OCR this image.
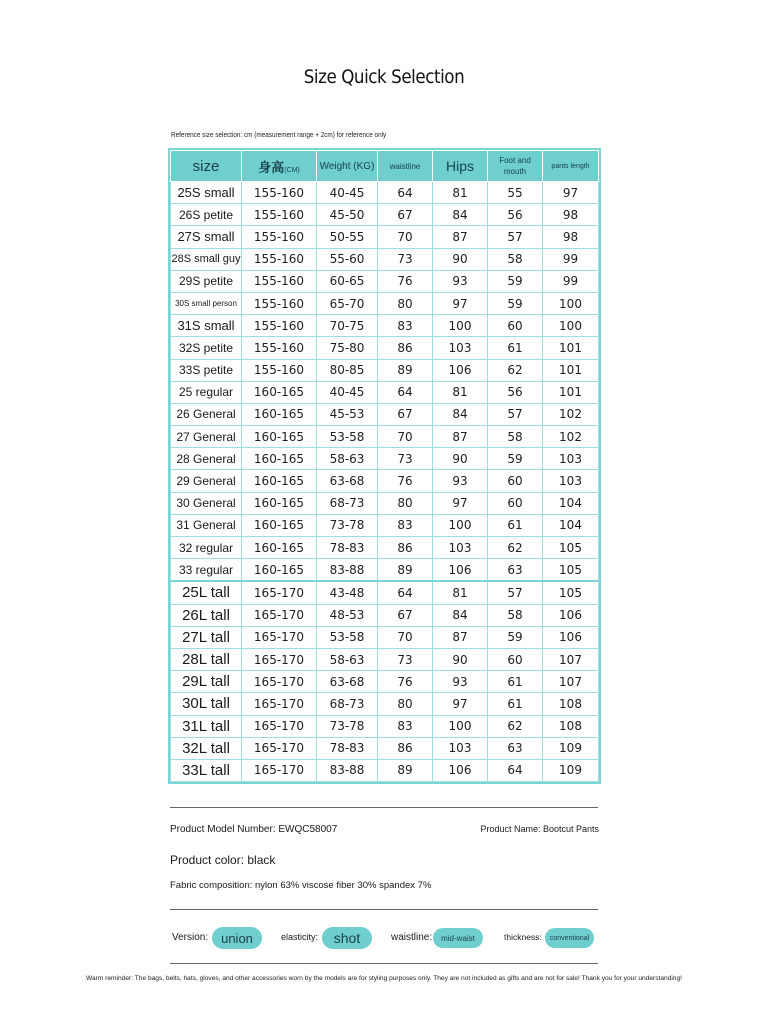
Size Quick Selection
Reference size selection: cm (measurement range + 2cm) for reference only
size	身高(CM)	Weight (KG)	waistline	Hips	Foot and mouth	pants length
25S small	155-160	40-45	64	81	55	97
26S petite	155-160	45-50	67	84	56	98
27S small	155-160	50-55	70	87	57	98
28S small guy	155-160	55-60	73	90	58	99
29S petite	155-160	60-65	76	93	59	99
30S small person	155-160	65-70	80	97	59	100
31S small	155-160	70-75	83	100	60	100
32S petite	155-160	75-80	86	103	61	101
33S petite	155-160	80-85	89	106	62	101
25 regular	160-165	40-45	64	81	56	101
26 General	160-165	45-53	67	84	57	102
27 General	160-165	53-58	70	87	58	102
28 General	160-165	58-63	73	90	59	103
29 General	160-165	63-68	76	93	60	103
30 General	160-165	68-73	80	97	60	104
31 General	160-165	73-78	83	100	61	104
32 regular	160-165	78-83	86	103	62	105
33 regular	160-165	83-88	89	106	63	105
25L tall	165-170	43-48	64	81	57	105
26L tall	165-170	48-53	67	84	58	106
27L tall	165-170	53-58	70	87	59	106
28L tall	165-170	58-63	73	90	60	107
29L tall	165-170	63-68	76	93	61	107
30L tall	165-170	68-73	80	97	61	108
31L tall	165-170	73-78	83	100	62	108
32L tall	165-170	78-83	86	103	63	109
33L tall	165-170	83-88	89	106	64	109
Product Model Number: EWQC58007	Product Name: Bootcut Pants
Product color: black
Fabric composition: nylon 63% viscose fiber 30% spandex 7%
Version: union	elasticity: shot	waistline: mid-waist	thickness: conventional
Warm reminder: The bags, belts, hats, gloves, and other accessories worn by the models are for styling purposes only. They are not included as gifts and are not for sale! Thank you for your understanding!
